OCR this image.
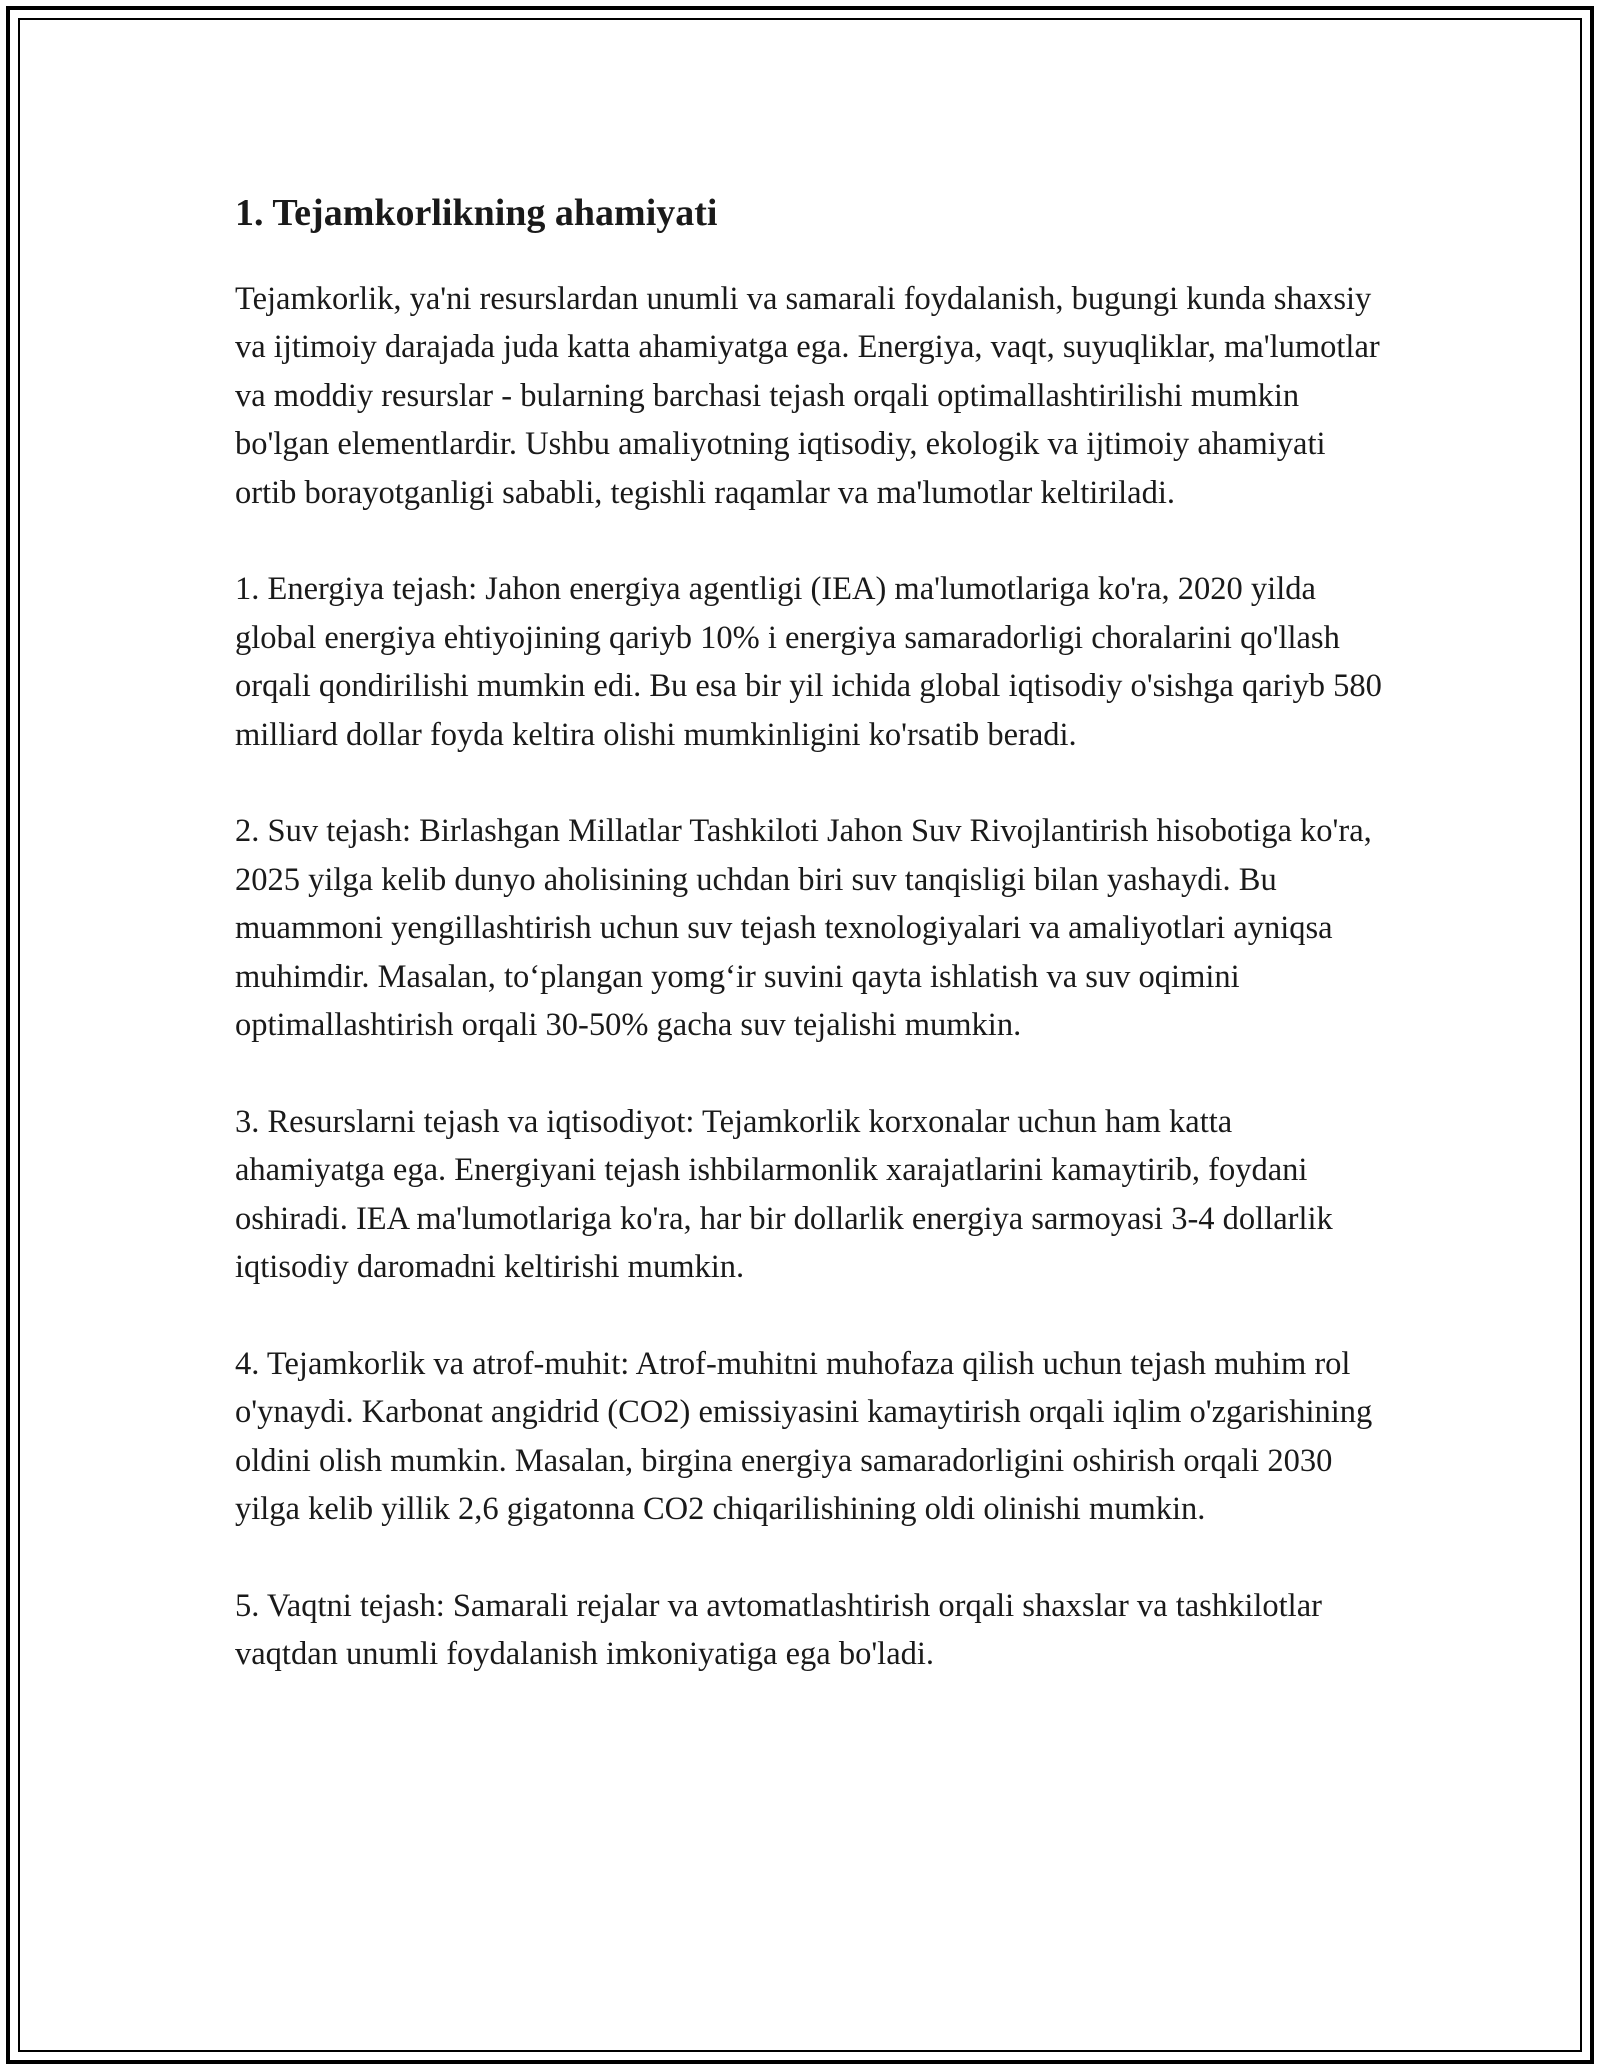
1. Tejamkorlikning ahamiyati

Tejamkorlik, ya'ni resurslardan unumli va samarali foydalanish, bugungi kunda shaxsiy va ijtimoiy darajada juda katta ahamiyatga ega. Energiya, vaqt, suyuqliklar, ma'lumotlar va moddiy resurslar - bularning barchasi tejash orqali optimallashtirilishi mumkin bo'lgan elementlardir. Ushbu amaliyotning iqtisodiy, ekologik va ijtimoiy ahamiyati ortib borayotganligi sababli, tegishli raqamlar va ma'lumotlar keltiriladi.

1. Energiya tejash: Jahon energiya agentligi (IEA) ma'lumotlariga ko'ra, 2020 yilda global energiya ehtiyojining qariyb 10% i energiya samaradorligi choralarini qo'llash orqali qondirilishi mumkin edi. Bu esa bir yil ichida global iqtisodiy o'sishga qariyb 580 milliard dollar foyda keltira olishi mumkinligini ko'rsatib beradi.

2. Suv tejash: Birlashgan Millatlar Tashkiloti Jahon Suv Rivojlantirish hisobotiga ko'ra, 2025 yilga kelib dunyo aholisining uchdan biri suv tanqisligi bilan yashaydi. Bu muammoni yengillashtirish uchun suv tejash texnologiyalari va amaliyotlari ayniqsa muhimdir. Masalan, to‘plangan yomg‘ir suvini qayta ishlatish va suv oqimini optimallashtirish orqali 30-50% gacha suv tejalishi mumkin.

3. Resurslarni tejash va iqtisodiyot: Tejamkorlik korxonalar uchun ham katta ahamiyatga ega. Energiyani tejash ishbilarmonlik xarajatlarini kamaytirib, foydani oshiradi. IEA ma'lumotlariga ko'ra, har bir dollarlik energiya sarmoyasi 3-4 dollarlik iqtisodiy daromadni keltirishi mumkin.

4. Tejamkorlik va atrof-muhit: Atrof-muhitni muhofaza qilish uchun tejash muhim rol o'ynaydi. Karbonat angidrid (CO2) emissiyasini kamaytirish orqali iqlim o'zgarishining oldini olish mumkin. Masalan, birgina energiya samaradorligini oshirish orqali 2030 yilga kelib yillik 2,6 gigatonna CO2 chiqarilishining oldi olinishi mumkin.

5. Vaqtni tejash: Samarali rejalar va avtomatlashtirish orqali shaxslar va tashkilotlar vaqtdan unumli foydalanish imkoniyatiga ega bo'ladi.
